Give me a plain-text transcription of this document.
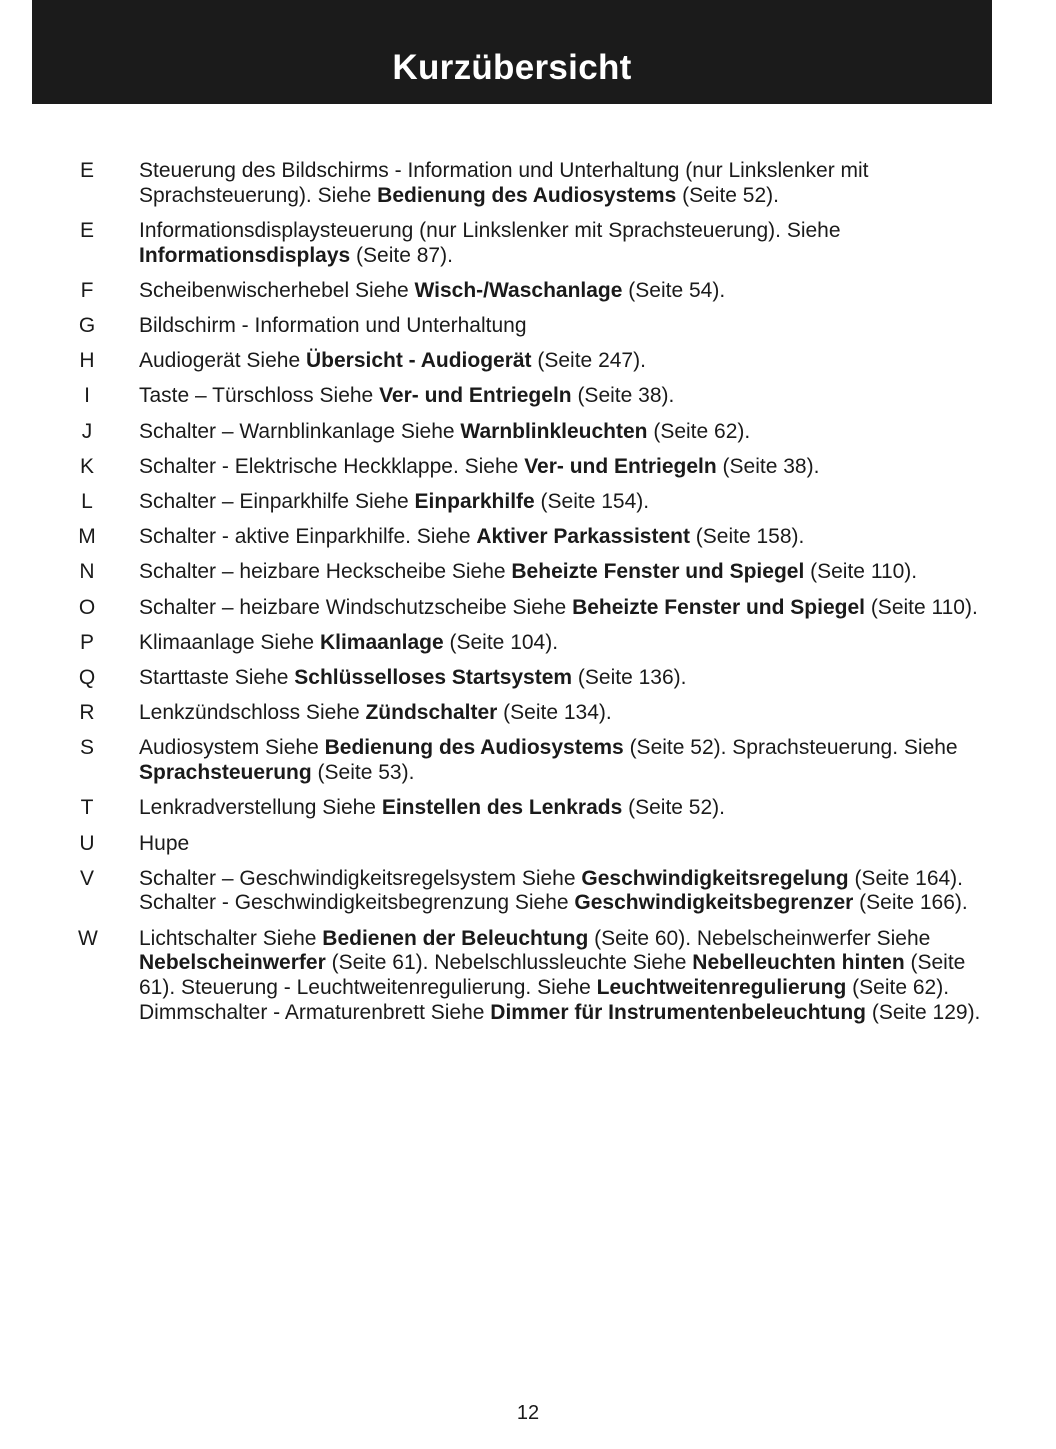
Kurzübersicht
E Steuerung des Bildschirms - Information und Unterhaltung (nur Linkslenker mit Sprachsteuerung). Siehe Bedienung des Audiosystems (Seite 52).
E Informationsdisplaysteuerung (nur Linkslenker mit Sprachsteuerung). Siehe Informationsdisplays (Seite 87).
F Scheibenwischerhebel Siehe Wisch-/Waschanlage (Seite 54).
G Bildschirm - Information und Unterhaltung
H Audiogerät Siehe Übersicht - Audiogerät (Seite 247).
I Taste – Türschloss Siehe Ver- und Entriegeln (Seite 38).
J Schalter – Warnblinkanlage Siehe Warnblinkleuchten (Seite 62).
K Schalter - Elektrische Heckklappe. Siehe Ver- und Entriegeln (Seite 38).
L Schalter – Einparkhilfe Siehe Einparkhilfe (Seite 154).
M Schalter - aktive Einparkhilfe. Siehe Aktiver Parkassistent (Seite 158).
N Schalter – heizbare Heckscheibe Siehe Beheizte Fenster und Spiegel (Seite 110).
O Schalter – heizbare Windschutzscheibe Siehe Beheizte Fenster und Spiegel (Seite 110).
P Klimaanlage Siehe Klimaanlage (Seite 104).
Q Starttaste Siehe Schlüsselloses Startsystem (Seite 136).
R Lenkzündschloss Siehe Zündschalter (Seite 134).
S Audiosystem Siehe Bedienung des Audiosystems (Seite 52). Sprachsteuerung. Siehe Sprachsteuerung (Seite 53).
T Lenkradverstellung Siehe Einstellen des Lenkrads (Seite 52).
U Hupe
V Schalter – Geschwindigkeitsregelsystem Siehe Geschwindigkeitsregelung (Seite 164). Schalter - Geschwindigkeitsbegrenzung Siehe Geschwindigkeitsbegrenzer (Seite 166).
W Lichtschalter Siehe Bedienen der Beleuchtung (Seite 60). Nebelscheinwerfer Siehe Nebelscheinwerfer (Seite 61). Nebelschlussleuchte Siehe Nebelleuchten hinten (Seite 61). Steuerung - Leuchtweitenregulierung. Siehe Leuchtweitenregulierung (Seite 62). Dimmschalter - Armaturenbrett Siehe Dimmer für Instrumentenbeleuchtung (Seite 129).
12
